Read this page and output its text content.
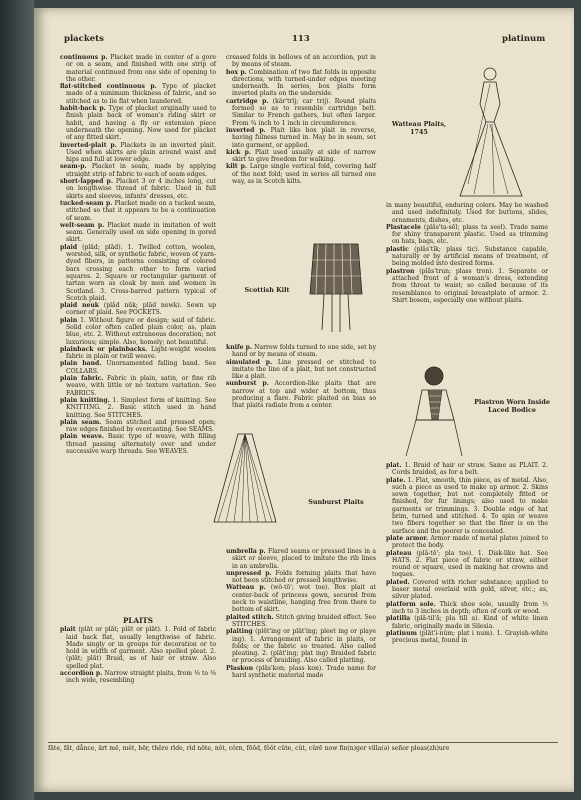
plackets	113	platinum

continuous p. Placket made in center of a gore or on a seam, and finished with one strip of material continued from one side of opening to the other.

flat-stitched continuous p. Type of placket made of a minimum thickness of fabric, and so stitched as to lie flat when laundered.

habit-back p. Type of placket originally used to finish plain back of woman's riding skirt or habit, and having a fly or extension piece underneath the opening. Now used for placket of any fitted skirt.

inverted-plait p. Plackets in an inverted plait. Used when skirts are plain around waist and hips and full at lower edge.

seam-p. Placket in seam, made by applying straight strip of fabric to each of seam edges.

short-lapped p. Placket 3 or 4 inches long, cut on lengthwise thread of fabric. Used in full skirts and sleeves, infants' dresses, etc.

tucked-seam p. Placket made on a tucked seam, stitched so that it appears to be a continuation of seam.

welt-seam p. Placket made in imitation of welt seam. Generally used on side opening in gored skirt.

plaid (plăd; plād). 1. Twilled cotton, woolen, worsted, silk, or synthetic fabric, woven of yarn-dyed fibers, in patterns consisting of colored bars crossing each other to form varied squares. 2. Square or rectangular garment of tartan worn as cloak by men and women in Scotland. 3. Cross-barred pattern typical of Scotch plaid.

plaid neuk (plăd nūk; plād newk). Sewn up corner of plaid. See POCKETS.

plain 1. Without figure or design; said of fabric. Solid color often called plain color, as, plain blue, etc. 2. Without extraneous decoration; not luxurious; simple. Also, homely; not beautiful.

plainback or plainbacks. Light-weight woolen fabric in plain or twill weave.

plain band. Unornamented falling band. See COLLARS.

plain fabric. Fabric in plain, satin, or fine rib weave, with little or no texture variation. See FABRICS.

plain knitting. 1. Simplest form of knitting. See KNITTING. 2. Basic stitch used in hand knitting. See STITCHES.

plain seam. Seam stitched and pressed open; raw edges finished by overcasting. See SEAMS.

plain weave. Basic type of weave, with filling thread passing alternately over and under successive warp threads. See WEAVES.

PLAITS

plait (plāt or plăt; plēt or plāt). 1. Fold of fabric laid back flat, usually lengthwise of fabric. Made singly or in groups for decoration or to hold in width of garment. Also spelled pleat. 2. (plāt; plăt) Braid, as of hair or straw. Also spelled plat.

accordion p. Narrow straight plaits, from ⅛ to ⅜ inch wide, resembling

creased folds in bellows of an accordion, put in by means of steam.

box p. Combination of two flat folds in opposite directions, with turned-under edges meeting underneath. In series, box plaits form inverted plaits on the underside.

cartridge p. (kär'trĭj; car trij). Round plaits formed so as to resemble cartridge belt. Similar to French gathers, but often larger. From ¾ inch to 1 inch in circumference.

inverted p. Plait like box plait in reverse, having fulness turned in. May be in seam, set into garment, or applied.

kick p. Plait used usually at side of narrow skirt to give freedom for walking.

kilt p. Large single vertical fold, covering half of the next fold; used in series all turned one way, as in Scotch kilts.

knife p. Narrow folds turned to one side, set by hand or by means of steam.

simulated p. Line pressed or stitched to imitate the line of a plait, but not constructed like a plait.

sunburst p. Accordion-like plaits that are narrow at top and wider at bottom, thus producing a flare. Fabric plaited on bias so that plaits radiate from a center.

umbrella p. Flared seams or pressed lines in a skirt or sleeve, placed to imitate the rib lines in an umbrella.

unpressed p. Folds forming plaits that have not been stitched or pressed lengthwise.

Watteau p. (wŏ-tō'; wot toe). Box plait at center-back of princess gown, secured from neck to waistline, hanging free from there to bottom of skirt.

plaited stitch. Stitch giving braided effect. See STITCHES.

plaiting (plēt'ing or plāt'ing; pleet ing or playe ing). 1. Arrangement of fabric in plaits, or folds; or the fabric so treated. Also called pleating. 2. (plāt'ing; plat ing) Braided fabric or process of braiding. Also called platting.

Plaskon (plăs'kon; plass kon). Trade name for hard synthetic material made

in many beautiful, enduring colors. May be washed and used indefinitely. Used for buttons, slides, ornaments, dishes, etc.

Plastacele (plăs'ta-sēl; plass ta seel). Trade name for shiny transparent plastic. Used as trimming on hats, bags, etc.

plastic (plăs'tĭk; plass tic). Substance capable, naturally or by artificial means of treatment, of being molded into desired forms.

plastron (plăs'trun; plass tron). 1. Separate or attached front of a woman's dress, extending from throat to waist; so called because of its resemblance to original breastplate of armor. 2. Shirt bosom, especially one without plaits.

plat. 1. Braid of hair or straw. Same as PLAIT. 2. Cords braided, as for a belt.

plate. 1. Flat, smooth, thin piece, as of metal. Also, such a piece as used to make up armor. 2. Skins sewn together, but not completely fitted or finished, for fur linings; also used to make garments or trimmings. 3. Double edge of hat brim, turned and stitched. 4. To spin or weave two fibers together so that the finer is on the surface and the poorer is concealed.

plate armor. Armor made of metal plates joined to protect the body.

plateau (plă-tō'; pla toe). 1. Disk-like hat. See HATS. 2. Flat piece of fabric or straw, either round or square, used in making hat crowns and toques.

plated. Covered with richer substance; applied to baser metal overlaid with gold, silver, etc.; as, silver plated.

platform sole. Thick shoe sole, usually from ½ inch to 3 inches in depth; often of cork or wood.

platilla (plă-til'ă; pla till a). Kind of white linen fabric, originally made in Silesia.

platinum (plăt'ĭ-nŭm; plat i num). 1. Grayish-white precious metal, found in

Watteau Plaits, 1745
Scottish Kilt
Sunburst Plaits
Plastron Worn Inside Laced Bodice
fāte, făt, dånce, ärt mē, mĕt, hēr, thēre rīde, rĭd nōte, nŏt, côrn, fōōd, fŏŏt cūte, cŭt, cûrē now fin(n)ger villa(ə) señor pleas(zh)ure
